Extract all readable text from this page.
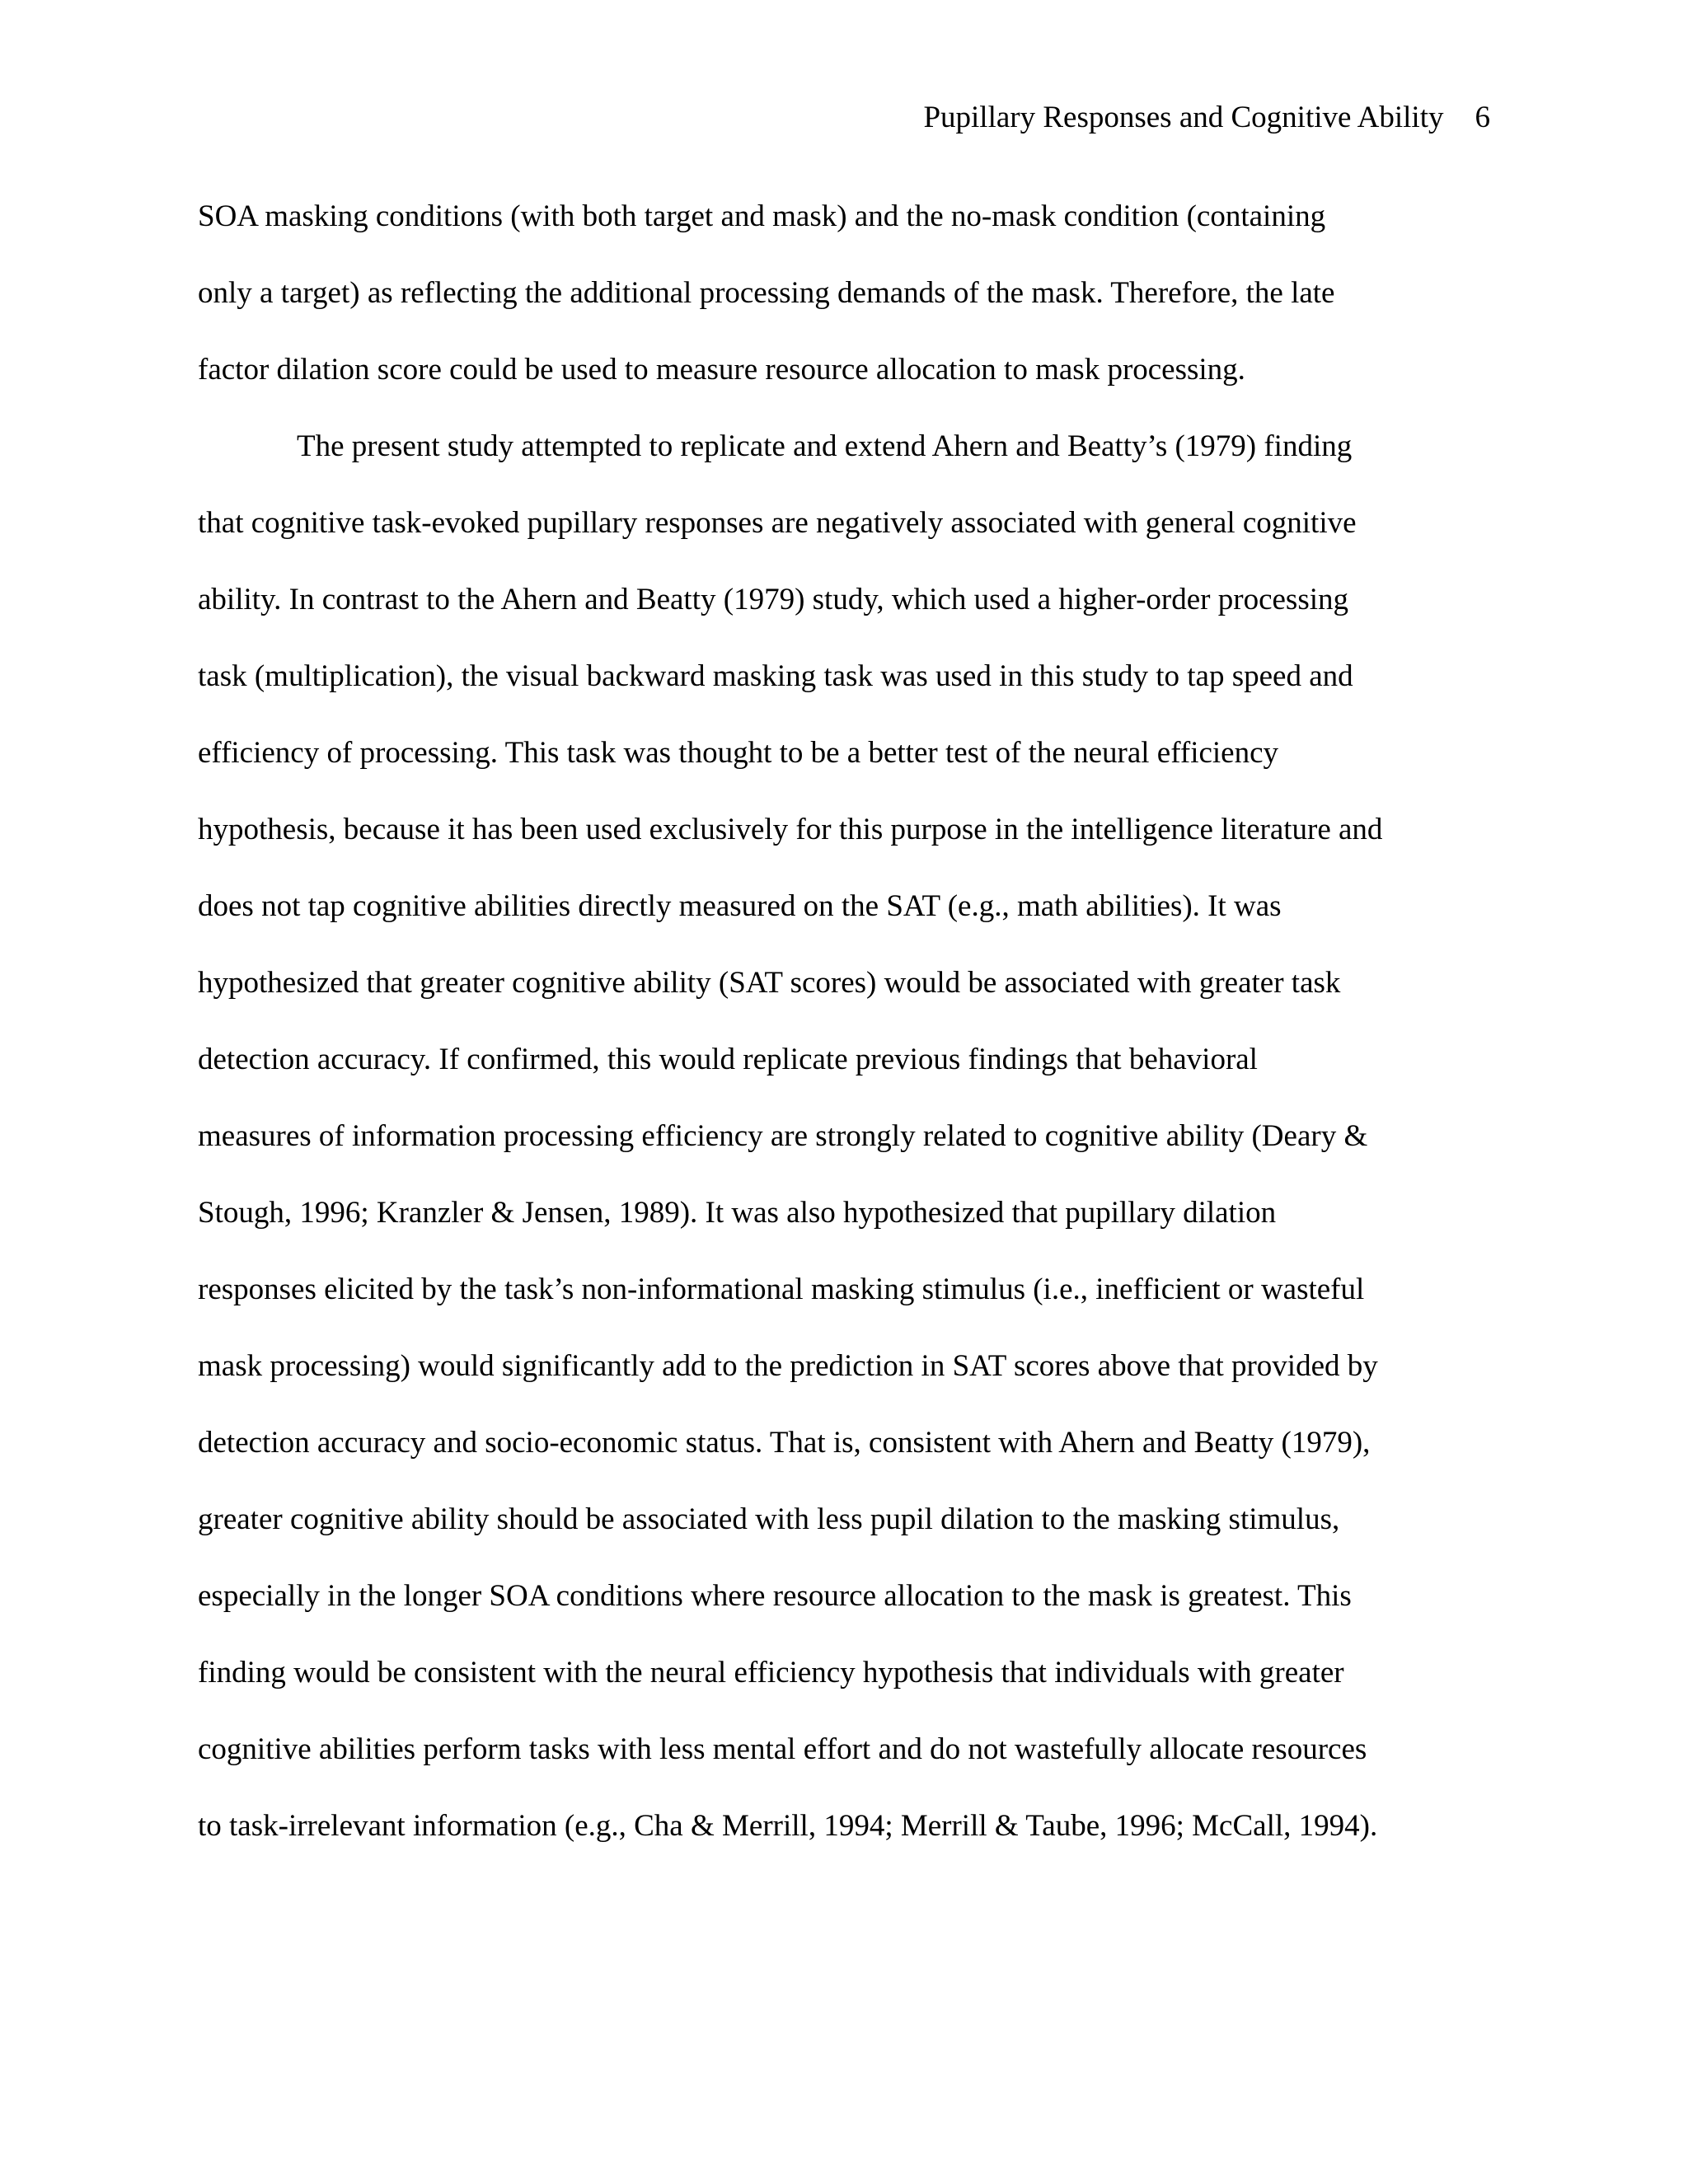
Pupillary Responses and Cognitive Ability 6
SOA masking conditions (with both target and mask) and the no-mask condition (containing
only a target) as reflecting the additional processing demands of the mask. Therefore, the late
factor dilation score could be used to measure resource allocation to mask processing.
The present study attempted to replicate and extend Ahern and Beatty’s (1979) finding
that cognitive task-evoked pupillary responses are negatively associated with general cognitive
ability. In contrast to the Ahern and Beatty (1979) study, which used a higher-order processing
task (multiplication), the visual backward masking task was used in this study to tap speed and
efficiency of processing. This task was thought to be a better test of the neural efficiency
hypothesis, because it has been used exclusively for this purpose in the intelligence literature and
does not tap cognitive abilities directly measured on the SAT (e.g., math abilities). It was
hypothesized that greater cognitive ability (SAT scores) would be associated with greater task
detection accuracy. If confirmed, this would replicate previous findings that behavioral
measures of information processing efficiency are strongly related to cognitive ability (Deary &
Stough, 1996; Kranzler & Jensen, 1989). It was also hypothesized that pupillary dilation
responses elicited by the task’s non-informational masking stimulus (i.e., inefficient or wasteful
mask processing) would significantly add to the prediction in SAT scores above that provided by
detection accuracy and socio-economic status. That is, consistent with Ahern and Beatty (1979),
greater cognitive ability should be associated with less pupil dilation to the masking stimulus,
especially in the longer SOA conditions where resource allocation to the mask is greatest. This
finding would be consistent with the neural efficiency hypothesis that individuals with greater
cognitive abilities perform tasks with less mental effort and do not wastefully allocate resources
to task-irrelevant information (e.g., Cha & Merrill, 1994; Merrill & Taube, 1996; McCall, 1994).
